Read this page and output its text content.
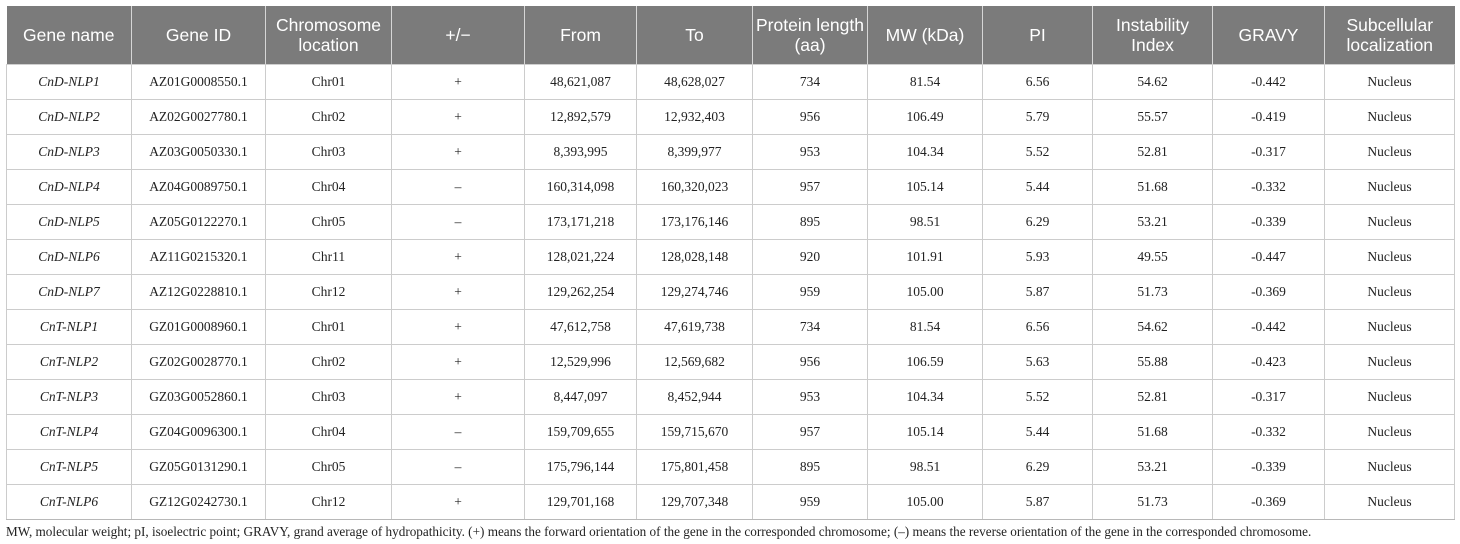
Gene name	Gene ID	Chromosome location	+/−	From	To	Protein length (aa)	MW (kDa)	PI	Instability Index	GRAVY	Subcellular localization
CnD-NLP1	AZ01G0008550.1	Chr01	+	48,621,087	48,628,027	734	81.54	6.56	54.62	-0.442	Nucleus
CnD-NLP2	AZ02G0027780.1	Chr02	+	12,892,579	12,932,403	956	106.49	5.79	55.57	-0.419	Nucleus
CnD-NLP3	AZ03G0050330.1	Chr03	+	8,393,995	8,399,977	953	104.34	5.52	52.81	-0.317	Nucleus
CnD-NLP4	AZ04G0089750.1	Chr04	–	160,314,098	160,320,023	957	105.14	5.44	51.68	-0.332	Nucleus
CnD-NLP5	AZ05G0122270.1	Chr05	–	173,171,218	173,176,146	895	98.51	6.29	53.21	-0.339	Nucleus
CnD-NLP6	AZ11G0215320.1	Chr11	+	128,021,224	128,028,148	920	101.91	5.93	49.55	-0.447	Nucleus
CnD-NLP7	AZ12G0228810.1	Chr12	+	129,262,254	129,274,746	959	105.00	5.87	51.73	-0.369	Nucleus
CnT-NLP1	GZ01G0008960.1	Chr01	+	47,612,758	47,619,738	734	81.54	6.56	54.62	-0.442	Nucleus
CnT-NLP2	GZ02G0028770.1	Chr02	+	12,529,996	12,569,682	956	106.59	5.63	55.88	-0.423	Nucleus
CnT-NLP3	GZ03G0052860.1	Chr03	+	8,447,097	8,452,944	953	104.34	5.52	52.81	-0.317	Nucleus
CnT-NLP4	GZ04G0096300.1	Chr04	–	159,709,655	159,715,670	957	105.14	5.44	51.68	-0.332	Nucleus
CnT-NLP5	GZ05G0131290.1	Chr05	–	175,796,144	175,801,458	895	98.51	6.29	53.21	-0.339	Nucleus
CnT-NLP6	GZ12G0242730.1	Chr12	+	129,701,168	129,707,348	959	105.00	5.87	51.73	-0.369	Nucleus
MW, molecular weight; pI, isoelectric point; GRAVY, grand average of hydropathicity. (+) means the forward orientation of the gene in the corresponded chromosome; (–) means the reverse orientation of the gene in the corresponded chromosome.
